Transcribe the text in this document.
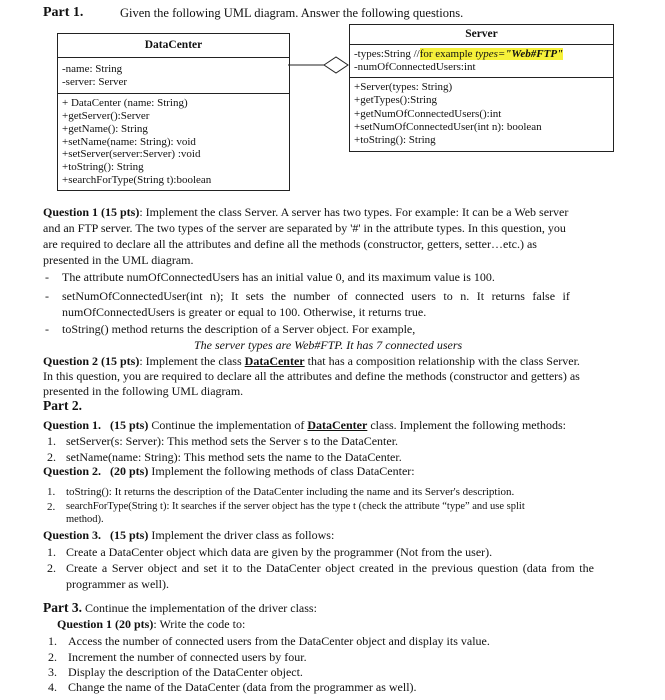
Part 1.	Given the following UML diagram. Answer the following questions.
DataCenter
-name: String
-server: Server
+ DataCenter (name: String)
+getServer():Server
+getName(): String
+setName(name: String): void
+setServer(server:Server) :void
+toString(): String
+searchForType(String t):boolean
Server
-types:String //for example types="Web#FTP"
-numOfConnectedUsers:int
+Server(types: String)
+getTypes():String
+getNumOfConnectedUsers():int
+setNumOfConnectedUser(int n): boolean
+toString(): String
Question 1 (15 pts): Implement the class Server. A server has two types. For example: It can be a Web server
and an FTP server. The two types of the server are separated by '#' in the attribute types. In this question, you
are required to declare all the attributes and define all the methods (constructor, getters, setter…etc.) as
presented in the UML diagram.
- The attribute numOfConnectedUsers has an initial value 0, and its maximum value is 100.
- setNumOfConnectedUser(int n); It sets the number of connected users to n. It returns false if
numOfConnectedUsers is greater or equal to 100. Otherwise, it returns true.
- toString() method returns the description of a Server object. For example,
The server types are Web#FTP. It has 7 connected users
Question 2 (15 pts): Implement the class DataCenter that has a composition relationship with the class Server.
In this question, you are required to declare all the attributes and define the methods (constructor and getters) as
presented in the following UML diagram.
Part 2.
Question 1. (15 pts) Continue the implementation of DataCenter class. Implement the following methods:
1. setServer(s: Server): This method sets the Server s to the DataCenter.
2. setName(name: String): This method sets the name to the DataCenter.
Question 2. (20 pts) Implement the following methods of class DataCenter:
1. toString(): It returns the description of the DataCenter including the name and its Server's description.
2. searchForType(String t): It searches if the server object has the type t (check the attribute “type” and use split
method).
Question 3. (15 pts) Implement the driver class as follows:
1. Create a DataCenter object which data are given by the programmer (Not from the user).
2. Create a Server object and set it to the DataCenter object created in the previous question (data from the
programmer as well).
Part 3. Continue the implementation of the driver class:
Question 1 (20 pts): Write the code to:
1. Access the number of connected users from the DataCenter object and display its value.
2. Increment the number of connected users by four.
3. Display the description of the DataCenter object.
4. Change the name of the DataCenter (data from the programmer as well).
